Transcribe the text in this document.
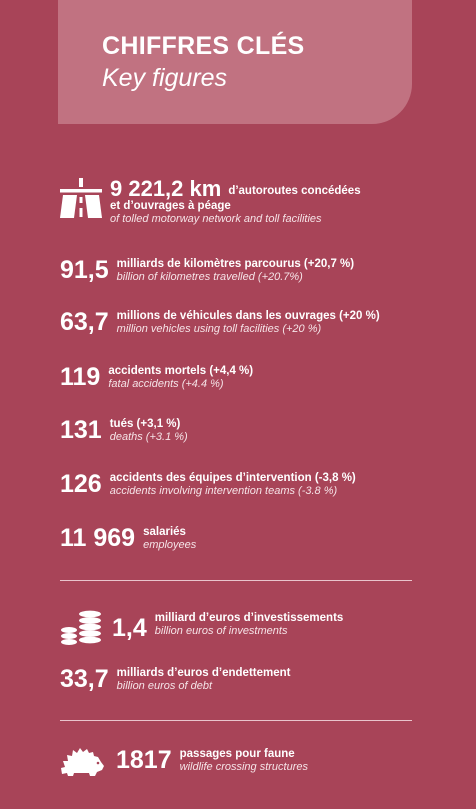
CHIFFRES CLÉS
Key figures
9 221,2 km d’autoroutes concédées
et d’ouvrages à péage
of tolled motorway network and toll facilities
91,5 milliards de kilomètres parcourus (+20,7 %)
billion of kilometres travelled (+20.7%)
63,7 millions de véhicules dans les ouvrages (+20 %)
million vehicles using toll facilities (+20 %)
119 accidents mortels (+4,4 %)
fatal accidents (+4.4 %)
131 tués (+3,1 %)
deaths (+3.1 %)
126 accidents des équipes d’intervention (-3,8 %)
accidents involving intervention teams (-3.8 %)
11 969 salariés
employees
1,4 milliard d’euros d’investissements
billion euros of investments
33,7 milliards d’euros d’endettement
billion euros of debt
1817 passages pour faune
wildlife crossing structures
